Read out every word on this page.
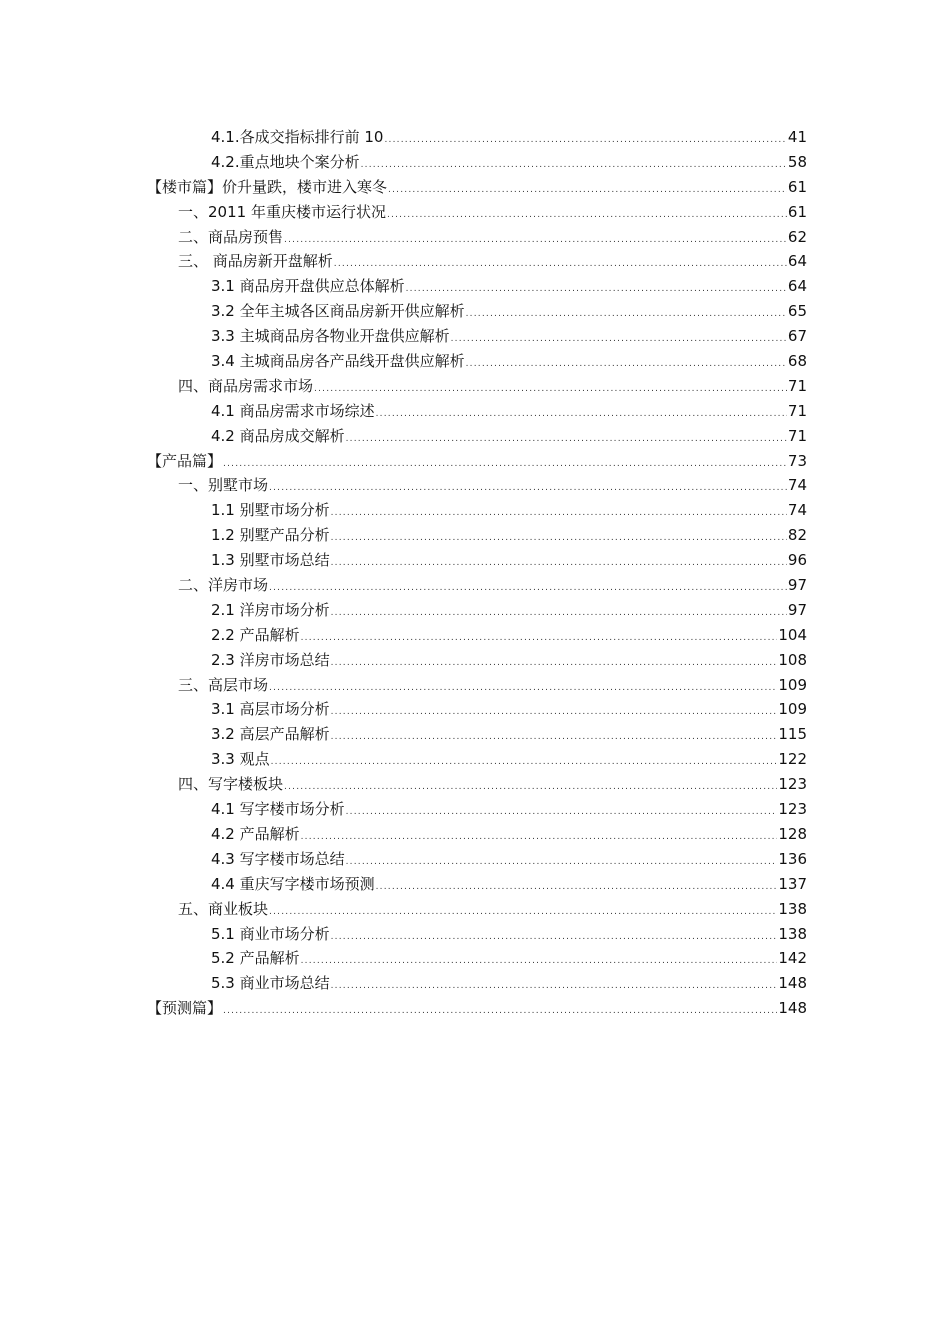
4.1.各成交指标排行前 10 .....	41
4.2.重点地块个案分析 .....	58
【楼市篇】价升量跌，楼市进入寒冬 .....	61
一、2011 年重庆楼市运行状况 .....	61
二、商品房预售 .....	62
三、 商品房新开盘解析 .....	64
3.1 商品房开盘供应总体解析 .....	64
3.2 全年主城各区商品房新开供应解析 .....	65
3.3 主城商品房各物业开盘供应解析 .....	67
3.4 主城商品房各产品线开盘供应解析 .....	68
四、商品房需求市场 .....	71
4.1 商品房需求市场综述 .....	71
4.2 商品房成交解析 .....	71
【产品篇】 .....	73
一、别墅市场 .....	74
1.1 别墅市场分析 .....	74
1.2 别墅产品分析 .....	82
1.3 别墅市场总结 .....	96
二、洋房市场 .....	97
2.1 洋房市场分析 .....	97
2.2 产品解析 .....	104
2.3 洋房市场总结 .....	108
三、高层市场 .....	109
3.1 高层市场分析 .....	109
3.2 高层产品解析 .....	115
3.3 观点 .....	122
四、写字楼板块 .....	123
4.1 写字楼市场分析 .....	123
4.2 产品解析 .....	128
4.3 写字楼市场总结 .....	136
4.4 重庆写字楼市场预测 .....	137
五、商业板块 .....	138
5.1 商业市场分析 .....	138
5.2 产品解析 .....	142
5.3 商业市场总结 .....	148
【预测篇】 .....	148
